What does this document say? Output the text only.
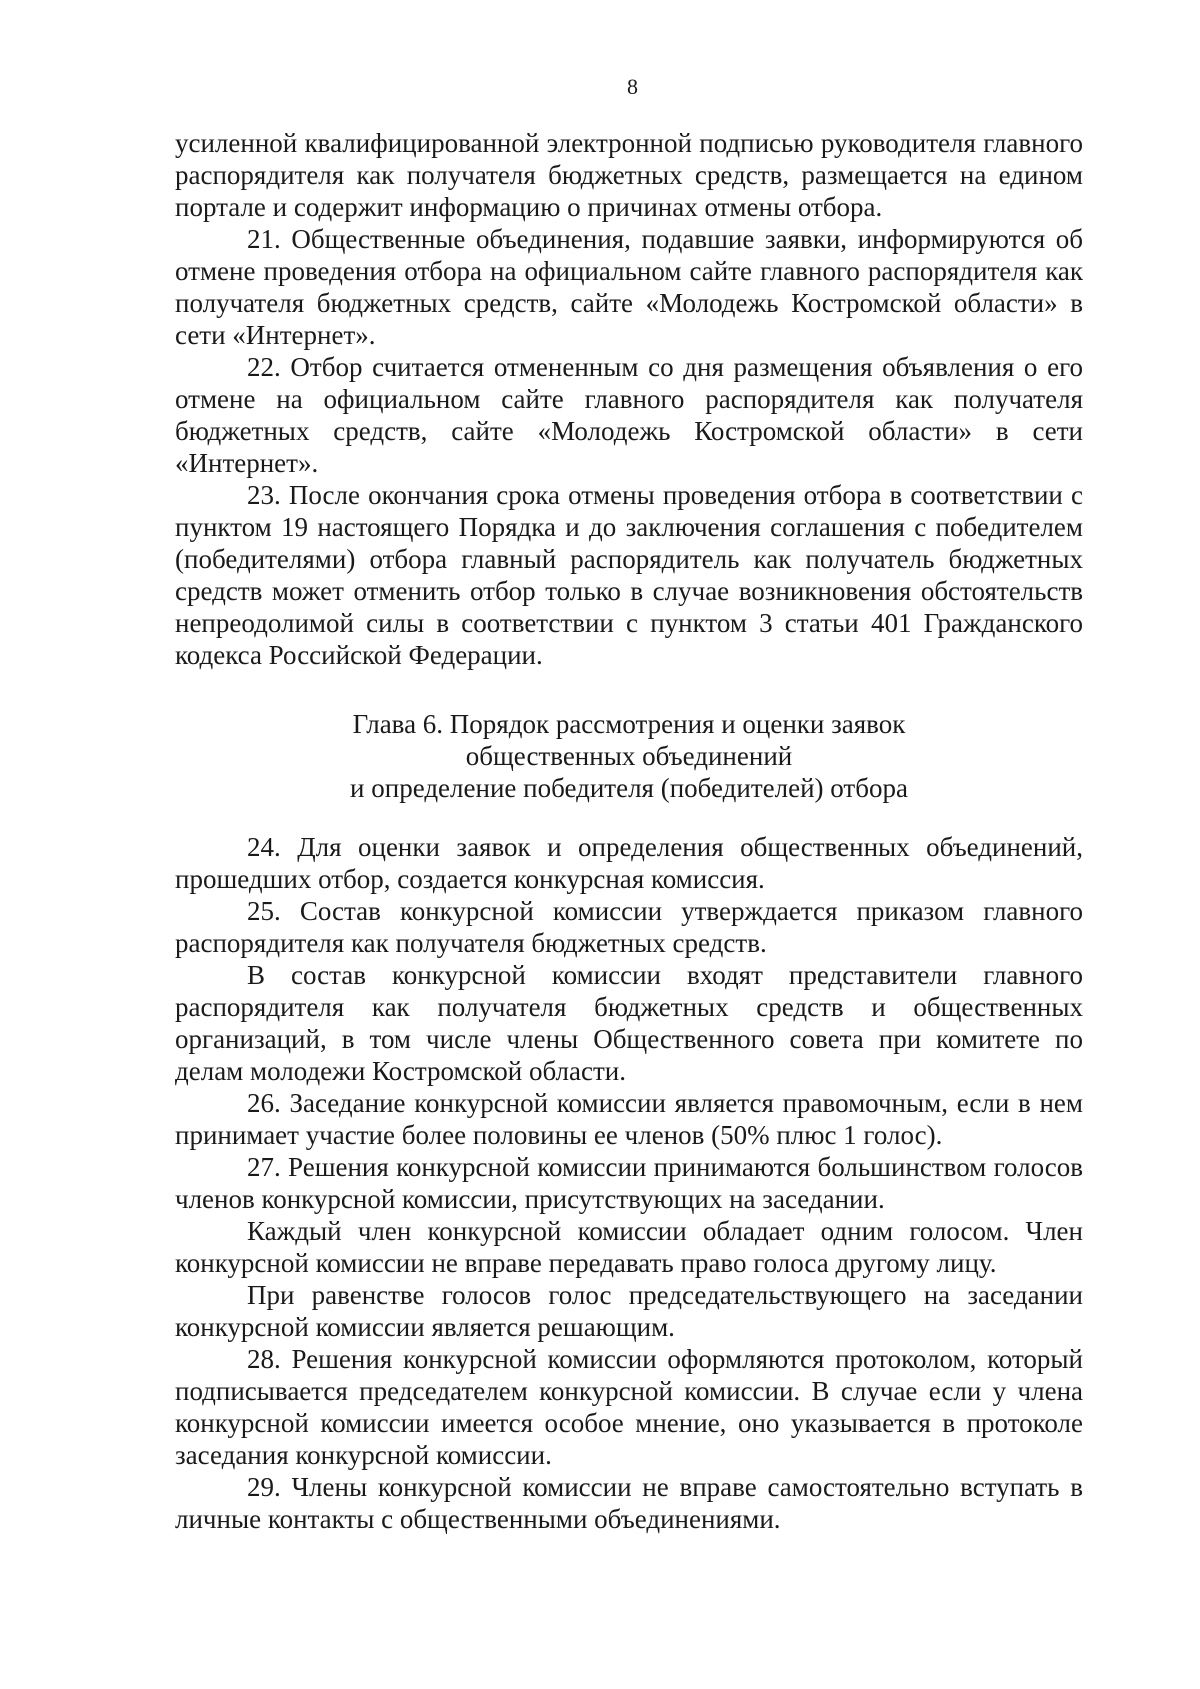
8

усиленной квалифицированной электронной подписью руководителя главного распорядителя как получателя бюджетных средств, размещается на едином портале и содержит информацию о причинах отмены отбора.

21. Общественные объединения, подавшие заявки, информируются об отмене проведения отбора на официальном сайте главного распорядителя как получателя бюджетных средств, сайте «Молодежь Костромской области» в сети «Интернет».

22. Отбор считается отмененным со дня размещения объявления о его отмене на официальном сайте главного распорядителя как получателя бюджетных средств, сайте «Молодежь Костромской области» в сети «Интернет».

23. После окончания срока отмены проведения отбора в соответствии с пунктом 19 настоящего Порядка и до заключения соглашения с победителем (победителями) отбора главный распорядитель как получатель бюджетных средств может отменить отбор только в случае возникновения обстоятельств непреодолимой силы в соответствии с пунктом 3 статьи 401 Гражданского кодекса Российской Федерации.

Глава 6. Порядок рассмотрения и оценки заявок
общественных объединений
и определение победителя (победителей) отбора

24. Для оценки заявок и определения общественных объединений, прошедших отбор, создается конкурсная комиссия.

25. Состав конкурсной комиссии утверждается приказом главного распорядителя как получателя бюджетных средств.

В состав конкурсной комиссии входят представители главного распорядителя как получателя бюджетных средств и общественных организаций, в том числе члены Общественного совета при комитете по делам молодежи Костромской области.

26. Заседание конкурсной комиссии является правомочным, если в нем принимает участие более половины ее членов (50% плюс 1 голос).

27. Решения конкурсной комиссии принимаются большинством голосов членов конкурсной комиссии, присутствующих на заседании.

Каждый член конкурсной комиссии обладает одним голосом. Член конкурсной комиссии не вправе передавать право голоса другому лицу.

При равенстве голосов голос председательствующего на заседании конкурсной комиссии является решающим.

28. Решения конкурсной комиссии оформляются протоколом, который подписывается председателем конкурсной комиссии. В случае если у члена конкурсной комиссии имеется особое мнение, оно указывается в протоколе заседания конкурсной комиссии.

29. Члены конкурсной комиссии не вправе самостоятельно вступать в личные контакты с общественными объединениями.
